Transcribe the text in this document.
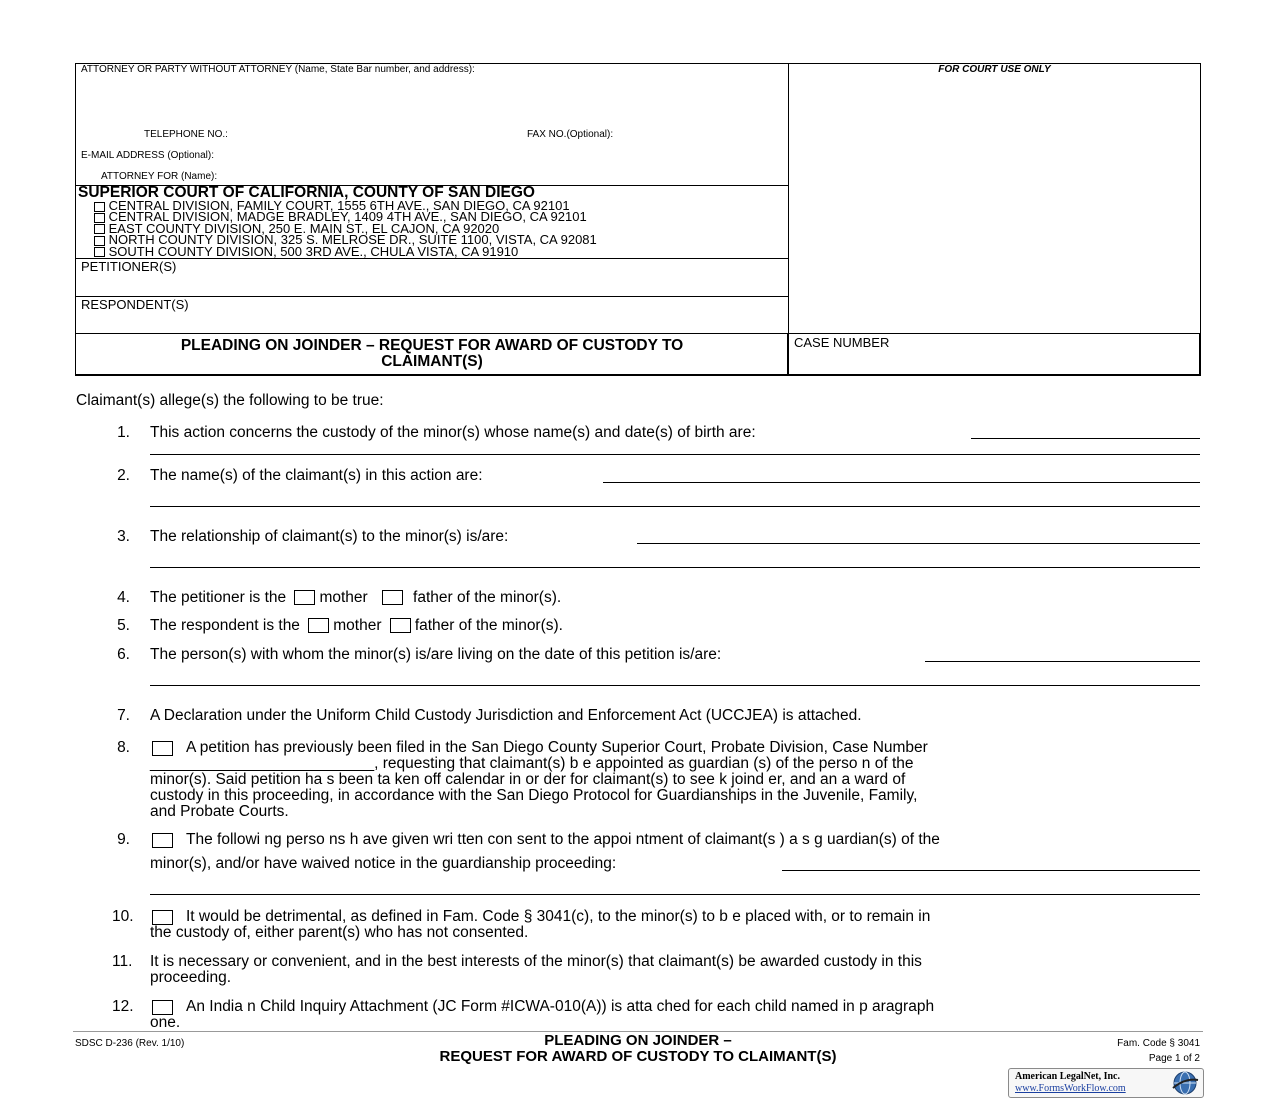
ATTORNEY OR PARTY WITHOUT ATTORNEY (Name, State Bar number, and address):
TELEPHONE NO.:	FAX NO.(Optional):
E-MAIL ADDRESS (Optional):
ATTORNEY FOR (Name):
FOR COURT USE ONLY
SUPERIOR COURT OF CALIFORNIA, COUNTY OF SAN DIEGO
CENTRAL DIVISION, FAMILY COURT, 1555 6TH AVE., SAN DIEGO, CA 92101
CENTRAL DIVISION, MADGE BRADLEY, 1409 4TH AVE., SAN DIEGO, CA 92101
EAST COUNTY DIVISION, 250 E. MAIN ST., EL CAJON, CA 92020
NORTH COUNTY DIVISION, 325 S. MELROSE DR., SUITE 1100, VISTA, CA 92081
SOUTH COUNTY DIVISION, 500 3RD AVE., CHULA VISTA, CA 91910
PETITIONER(S)
RESPONDENT(S)
PLEADING ON JOINDER – REQUEST FOR AWARD OF CUSTODY TO
CLAIMANT(S)
CASE NUMBER
Claimant(s) allege(s) the following to be true:
1. This action concerns the custody of the minor(s) whose name(s) and date(s) of birth are:
2. The name(s) of the claimant(s) in this action are:
3. The relationship of claimant(s) to the minor(s) is/are:
4. The petitioner is the mother	father of the minor(s).
5. The respondent is the mother father of the minor(s).
6. The person(s) with whom the minor(s) is/are living on the date of this petition is/are:
7. A Declaration under the Uniform Child Custody Jurisdiction and Enforcement Act (UCCJEA) is attached.
8.	A petition has previously been filed in the San Diego County Superior Court, Probate Division, Case Number
__________________________, requesting that claimant(s) b e appointed as guardian (s) of the perso n of the
minor(s). Said petition ha s been ta ken off calendar in or der for claimant(s) to see k joind er, and an a ward of
custody in this proceeding, in accordance with the San Diego Protocol for Guardianships in the Juvenile, Family,
and Probate Courts.
9.	The followi ng perso ns h ave given wri tten con sent to the appoi ntment of claimant(s ) a s g uardian(s) of the
minor(s), and/or have waived notice in the guardianship proceeding:
10.	It would be detrimental, as defined in Fam. Code § 3041(c), to the minor(s) to b e placed with, or to remain in
the custody of, either parent(s) who has not consented.
11.	It is necessary or convenient, and in the best interests of the minor(s) that claimant(s) be awarded custody in this
proceeding.
12.	An India n Child Inquiry Attachment (JC Form #ICWA-010(A)) is atta ched for each child named in p aragraph
one.
SDSC D-236 (Rev. 1/10)	PLEADING ON JOINDER –
REQUEST FOR AWARD OF CUSTODY TO CLAIMANT(S)
Fam. Code § 3041
Page 1 of 2
American LegalNet, Inc.
www.FormsWorkFlow.com
